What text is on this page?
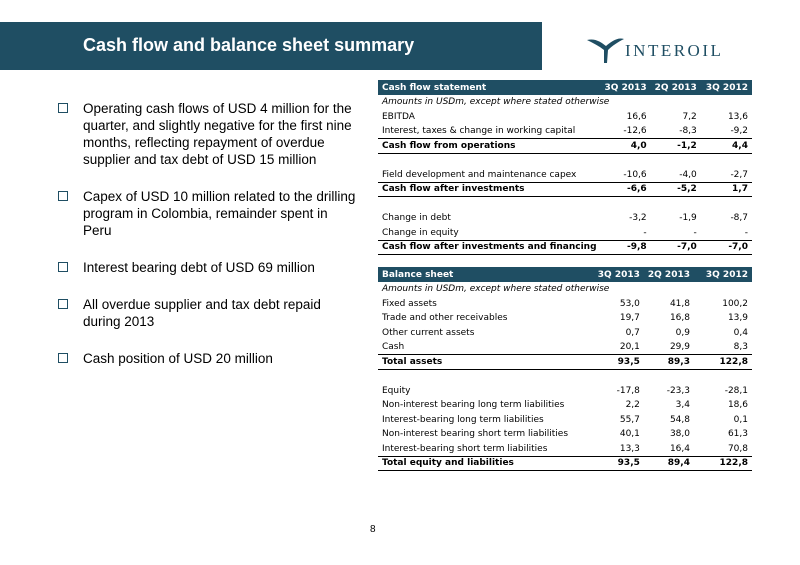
Cash flow and balance sheet summary	INTEROIL
Operating cash flows of USD 4 million for the quarter, and slightly negative for the first nine months, reflecting repayment of overdue supplier and tax debt of USD 15 million
Capex of USD 10 million related to the drilling program in Colombia, remainder spent in Peru
Interest bearing debt of USD 69 million
All overdue supplier and tax debt repaid during 2013
Cash position of USD 20 million
Cash flow statement	3Q 2013	2Q 2013	3Q 2012
Amounts in USDm, except where stated otherwise			
EBITDA	16,6	7,2	13,6
Interest, taxes & change in working capital	-12,6	-8,3	-9,2
Cash flow from operations	4,0	-1,2	4,4

Field development and maintenance capex	-10,6	-4,0	-2,7
Cash flow after investments	-6,6	-5,2	1,7

Change in debt	-3,2	-1,9	-8,7
Change in equity	-	-	-
Cash flow after investments and financing	-9,8	-7,0	-7,0
Balance sheet	3Q 2013	2Q 2013	3Q 2012
Amounts in USDm, except where stated otherwise			
Fixed assets	53,0	41,8	100,2
Trade and other receivables	19,7	16,8	13,9
Other current assets	0,7	0,9	0,4
Cash	20,1	29,9	8,3
Total assets	93,5	89,3	122,8

Equity	-17,8	-23,3	-28,1
Non-interest bearing long term liabilities	2,2	3,4	18,6
Interest-bearing long term liabilities	55,7	54,8	0,1
Non-interest bearing short term liabilities	40,1	38,0	61,3
Interest-bearing short term liabilities	13,3	16,4	70,8
Total equity and liabilities	93,5	89,4	122,8
8
